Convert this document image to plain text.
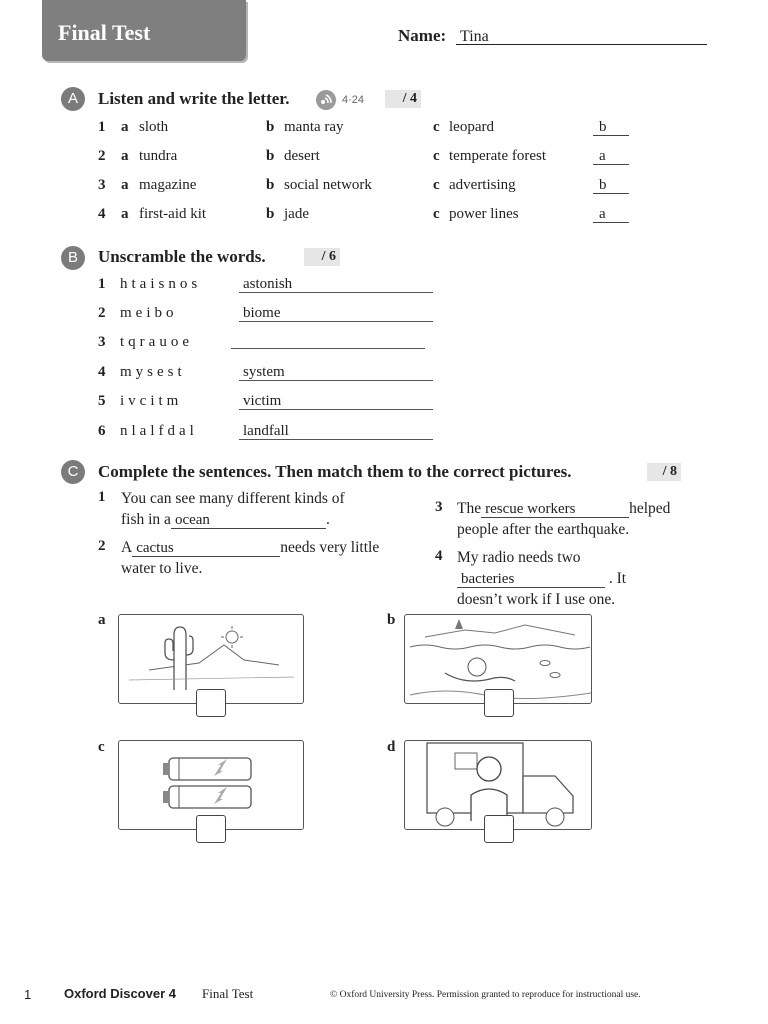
Final Test	Name: Tina
A	Listen and write the letter.	4·24	/ 4
1 a sloth	b manta ray	c leopard	b
2 a tundra	b desert	c temperate forest	a
3 a magazine	b social network	c advertising	b
4 a first-aid kit	b jade	c power lines	a
B	Unscramble the words.	/ 6
1 htaisnos	astonish
2 meibo	biome
3 tqrauoe
4 mysest	system
5 ivcitm	victim
6 nlalfdal	landfall
C	Complete the sentences. Then match them to the correct pictures.	/ 8
1 You can see many different kinds of
fish in a ocean	.
2 A cactus	needs very little
water to live.
3 The rescue workers	helped
people after the earthquake.
4 My radio needs two
bacteries	. It
doesn’t work if I use one.
a	b
c	d
1	Oxford Discover 4 Final Test	© Oxford University Press. Permission granted to reproduce for instructional use.
